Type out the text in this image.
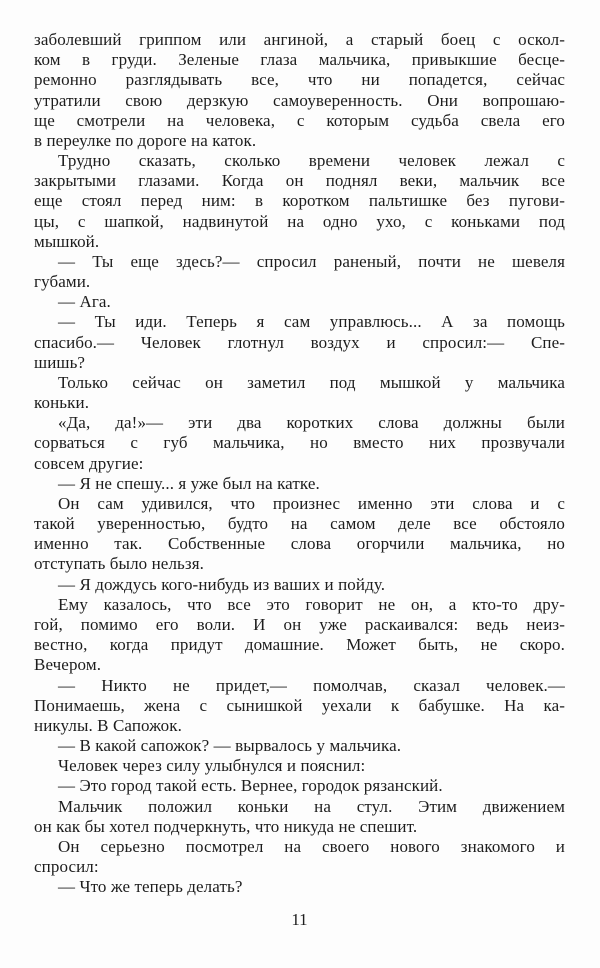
заболевший гриппом или ангиной, а старый боец с оскол-
ком в груди. Зеленые глаза мальчика, привыкшие бесце-
ремонно разглядывать все, что ни попадется, сейчас
утратили свою дерзкую самоуверенность. Они вопрошаю-
ще смотрели на человека, с которым судьба свела его
в переулке по дороге на каток.
Трудно сказать, сколько времени человек лежал с
закрытыми глазами. Когда он поднял веки, мальчик все
еще стоял перед ним: в коротком пальтишке без пугови-
цы, с шапкой, надвинутой на одно ухо, с коньками под
мышкой.
— Ты еще здесь?— спросил раненый, почти не шевеля
губами.
— Ага.
— Ты иди. Теперь я сам управлюсь... А за помощь
спасибо.— Человек глотнул воздух и спросил:— Спе-
шишь?
Только сейчас он заметил под мышкой у мальчика
коньки.
«Да, да!»— эти два коротких слова должны были
сорваться с губ мальчика, но вместо них прозвучали
совсем другие:
— Я не спешу... я уже был на катке.
Он сам удивился, что произнес именно эти слова и с
такой уверенностью, будто на самом деле все обстояло
именно так. Собственные слова огорчили мальчика, но
отступать было нельзя.
— Я дождусь кого-нибудь из ваших и пойду.
Ему казалось, что все это говорит не он, а кто-то дру-
гой, помимо его воли. И он уже раскаивался: ведь неиз-
вестно, когда придут домашние. Может быть, не скоро.
Вечером.
— Никто не придет,— помолчав, сказал человек.—
Понимаешь, жена с сынишкой уехали к бабушке. На ка-
никулы. В Сапожок.
— В какой сапожок? — вырвалось у мальчика.
Человек через силу улыбнулся и пояснил:
— Это город такой есть. Вернее, городок рязанский.
Мальчик положил коньки на стул. Этим движением
он как бы хотел подчеркнуть, что никуда не спешит.
Он серьезно посмотрел на своего нового знакомого и
спросил:
— Что же теперь делать?
11
